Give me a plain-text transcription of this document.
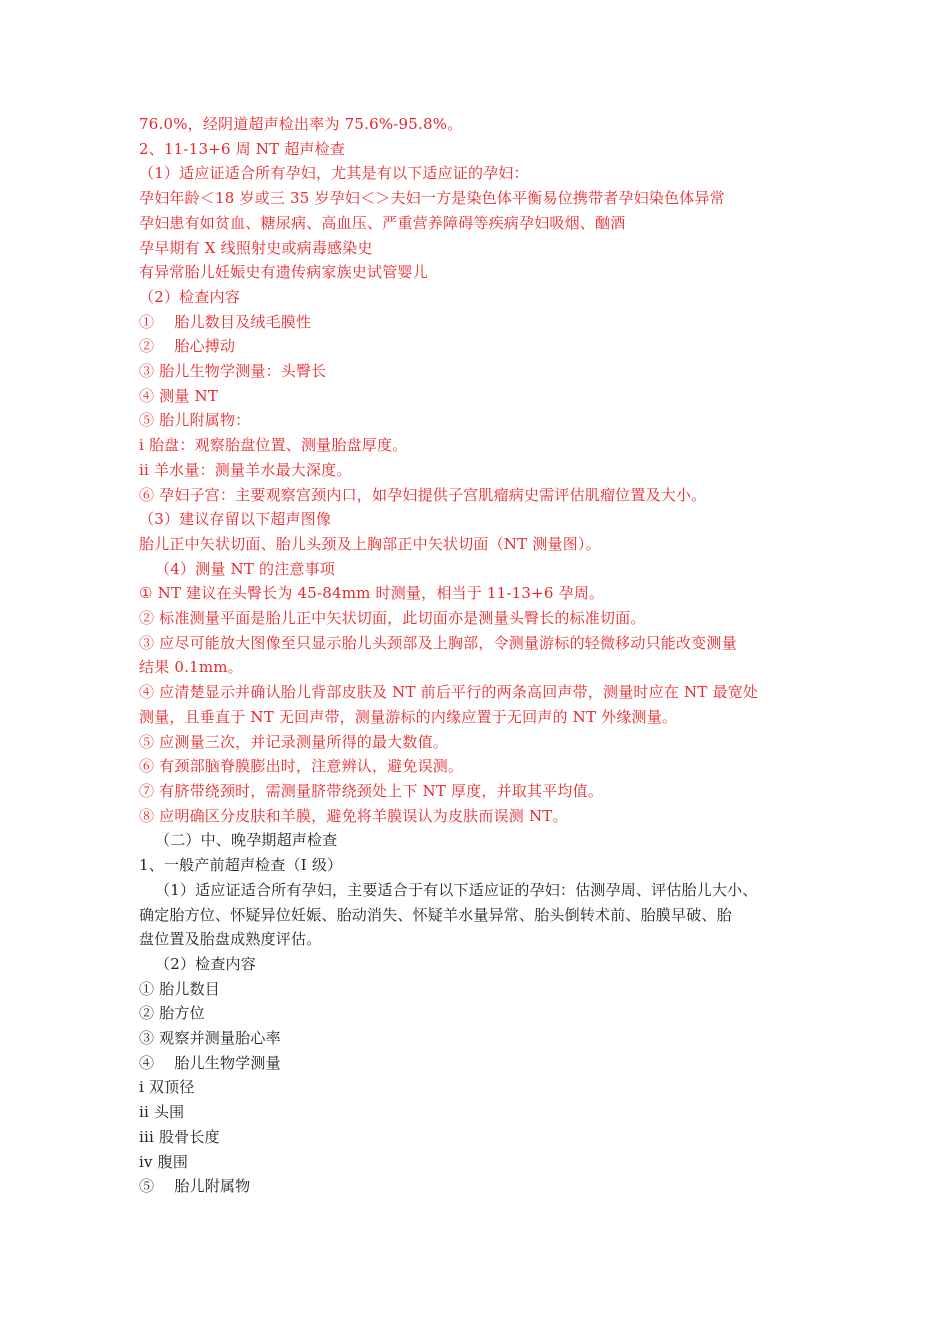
76.0%，经阴道超声检出率为 75.6%-95.8%。
2、11-13+6 周 NT 超声检查
（1）适应证适合所有孕妇，尤其是有以下适应证的孕妇：
孕妇年龄＜18 岁或三 35 岁孕妇＜＞夫妇一方是染色体平衡易位携带者孕妇染色体异常
孕妇患有如贫血、糖尿病、高血压、严重营养障碍等疾病孕妇吸烟、酗酒
孕早期有 X 线照射史或病毒感染史
有异常胎儿妊娠史有遗传病家族史试管婴儿
（2）检查内容
①　 胎儿数目及绒毛膜性
②　 胎心搏动
③ 胎儿生物学测量：头臀长
④ 测量 NT
⑤ 胎儿附属物：
i 胎盘：观察胎盘位置、测量胎盘厚度。
ii 羊水量：测量羊水最大深度。
⑥ 孕妇子宫：主要观察宫颈内口，如孕妇提供子宫肌瘤病史需评估肌瘤位置及大小。
（3）建议存留以下超声图像
胎儿正中矢状切面、胎儿头颈及上胸部正中矢状切面（NT 测量图）。
（4）测量 NT 的注意事项
① NT 建议在头臀长为 45-84mm 时测量，相当于 11-13+6 孕周。
② 标准测量平面是胎儿正中矢状切面，此切面亦是测量头臀长的标准切面。
③ 应尽可能放大图像至只显示胎儿头颈部及上胸部，令测量游标的轻微移动只能改变测量
结果 0.1mm。
④ 应清楚显示并确认胎儿背部皮肤及 NT 前后平行的两条高回声带，测量时应在 NT 最宽处
测量，且垂直于 NT 无回声带，测量游标的内缘应置于无回声的 NT 外缘测量。
⑤ 应测量三次，并记录测量所得的最大数值。
⑥ 有颈部脑脊膜膨出时，注意辨认，避免误测。
⑦ 有脐带绕颈时，需测量脐带绕颈处上下 NT 厚度，并取其平均值。
⑧ 应明确区分皮肤和羊膜，避免将羊膜误认为皮肤而误测 NT。
（二）中、晚孕期超声检查
1、一般产前超声检查（I 级）
（1）适应证适合所有孕妇，主要适合于有以下适应证的孕妇：估测孕周、评估胎儿大小、
确定胎方位、怀疑异位妊娠、胎动消失、怀疑羊水量异常、胎头倒转术前、胎膜早破、胎
盘位置及胎盘成熟度评估。
（2）检查内容
① 胎儿数目
② 胎方位
③ 观察并测量胎心率
④　 胎儿生物学测量
i 双顶径
ii 头围
iii 股骨长度
iv 腹围
⑤　 胎儿附属物
